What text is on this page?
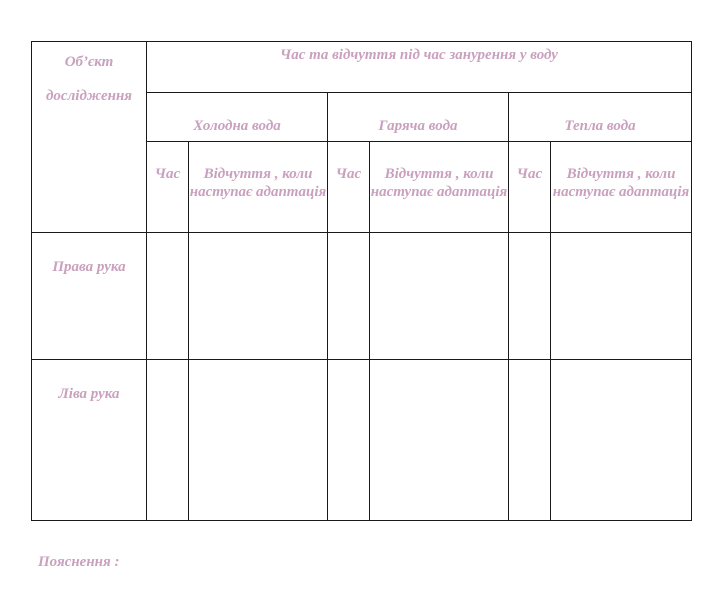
Об’єкт дослідження	Час та відчуття під час занурення у воду					

	Холодна вода		Гаряча вода		Тепла вода	

	Час	Відчуття , коли наступає адаптація	Час	Відчуття , коли наступає адаптація	Час	Відчуття , коли наступає адаптація

Права рука						

Ліва рука						

Пояснення :
